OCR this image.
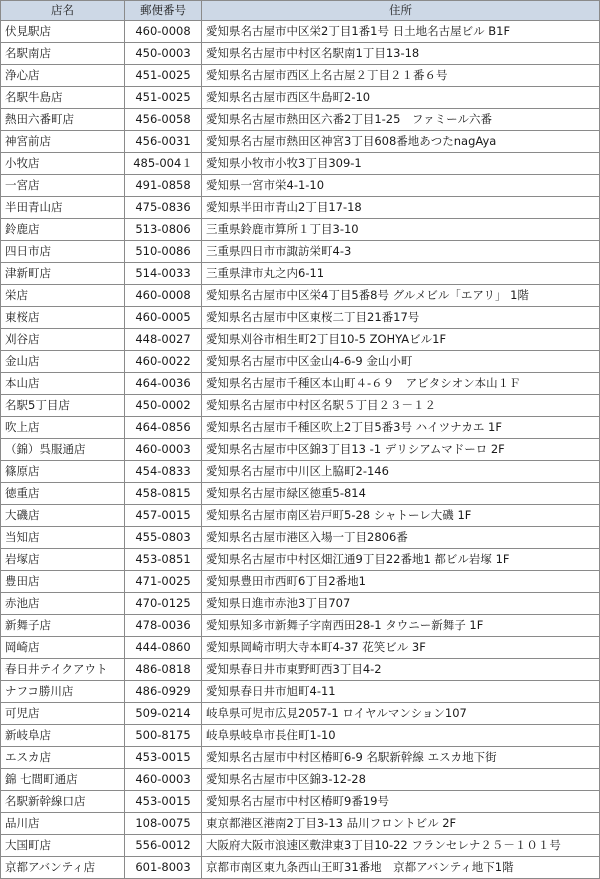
店名	郵便番号	住所
伏見駅店	460-0008	愛知県名古屋市中区栄2丁目1番1号 日土地名古屋ビル B1F
名駅南店	450-0003	愛知県名古屋市中村区名駅南1丁目13-18
浄心店	451-0025	愛知県名古屋市西区上名古屋２丁目２１番６号
名駅牛島店	451-0025	愛知県名古屋市西区牛島町2-10
熱田六番町店	456-0058	愛知県名古屋市熱田区六番2丁目1-25　ファミール六番
神宮前店	456-0031	愛知県名古屋市熱田区神宮3丁目608番地あつたnagAya
小牧店	485-004１	愛知県小牧市小牧3丁目309-1
一宮店	491-0858	愛知県一宮市栄4-1-10
半田青山店	475-0836	愛知県半田市青山2丁目17-18
鈴鹿店	513-0806	三重県鈴鹿市算所１丁目3-10
四日市店	510-0086	三重県四日市市諏訪栄町4-3
津新町店	514-0033	三重県津市丸之内6-11
栄店	460-0008	愛知県名古屋市中区栄4丁目5番8号 グルメビル「エアリ」 1階
東桜店	460-0005	愛知県名古屋市中区東桜二丁目21番17号
刈谷店	448-0027	愛知県刈谷市相生町2丁目10-5 ZOHYAビル1F
金山店	460-0022	愛知県名古屋市中区金山4-6-9 金山小町
本山店	464-0036	愛知県名古屋市千種区本山町４-６９　アビタシオン本山１Ｆ
名駅5丁目店	450-0002	愛知県名古屋市中村区名駅５丁目２３－１２
吹上店	464-0856	愛知県名古屋市千種区吹上2丁目5番3号 ハイツナカエ 1F
（錦）呉服通店	460-0003	愛知県名古屋市中区錦3丁目13 -1 デリシアムマドーロ 2F
篠原店	454-0833	愛知県名古屋市中川区上脇町2-146
徳重店	458-0815	愛知県名古屋市緑区徳重5-814
大磯店	457-0015	愛知県名古屋市南区岩戸町5-28 シャトーレ大磯 1F
当知店	455-0803	愛知県名古屋市港区入場一丁目2806番
岩塚店	453-0851	愛知県名古屋市中村区畑江通9丁目22番地1 都ビル岩塚 1F
豊田店	471-0025	愛知県豊田市西町6丁目2番地1
赤池店	470-0125	愛知県日進市赤池3丁目707
新舞子店	478-0036	愛知県知多市新舞子字南西田28-1 タウニー新舞子 1F
岡崎店	444-0860	愛知県岡崎市明大寺本町4-37 花笑ビル 3F
春日井テイクアウト	486-0818	愛知県春日井市東野町西3丁目4-2
ナフコ勝川店	486-0929	愛知県春日井市旭町4-11
可児店	509-0214	岐阜県可児市広見2057-1 ロイヤルマンション107
新岐阜店	500-8175	岐阜県岐阜市長住町1-10
エスカ店	453-0015	愛知県名古屋市中村区椿町6-9 名駅新幹線 エスカ地下街
錦 七間町通店	460-0003	愛知県名古屋市中区錦3-12-28
名駅新幹線口店	453-0015	愛知県名古屋市中村区椿町9番19号
品川店	108-0075	東京都港区港南2丁目3-13 品川フロントビル 2F
大国町店	556-0012	大阪府大阪市浪速区敷津東3丁目10-22 フランセレナ２５－１０１号
京都アバンティ店	601-8003	京都市南区東九条西山王町31番地　京都アバンティ地下1階
